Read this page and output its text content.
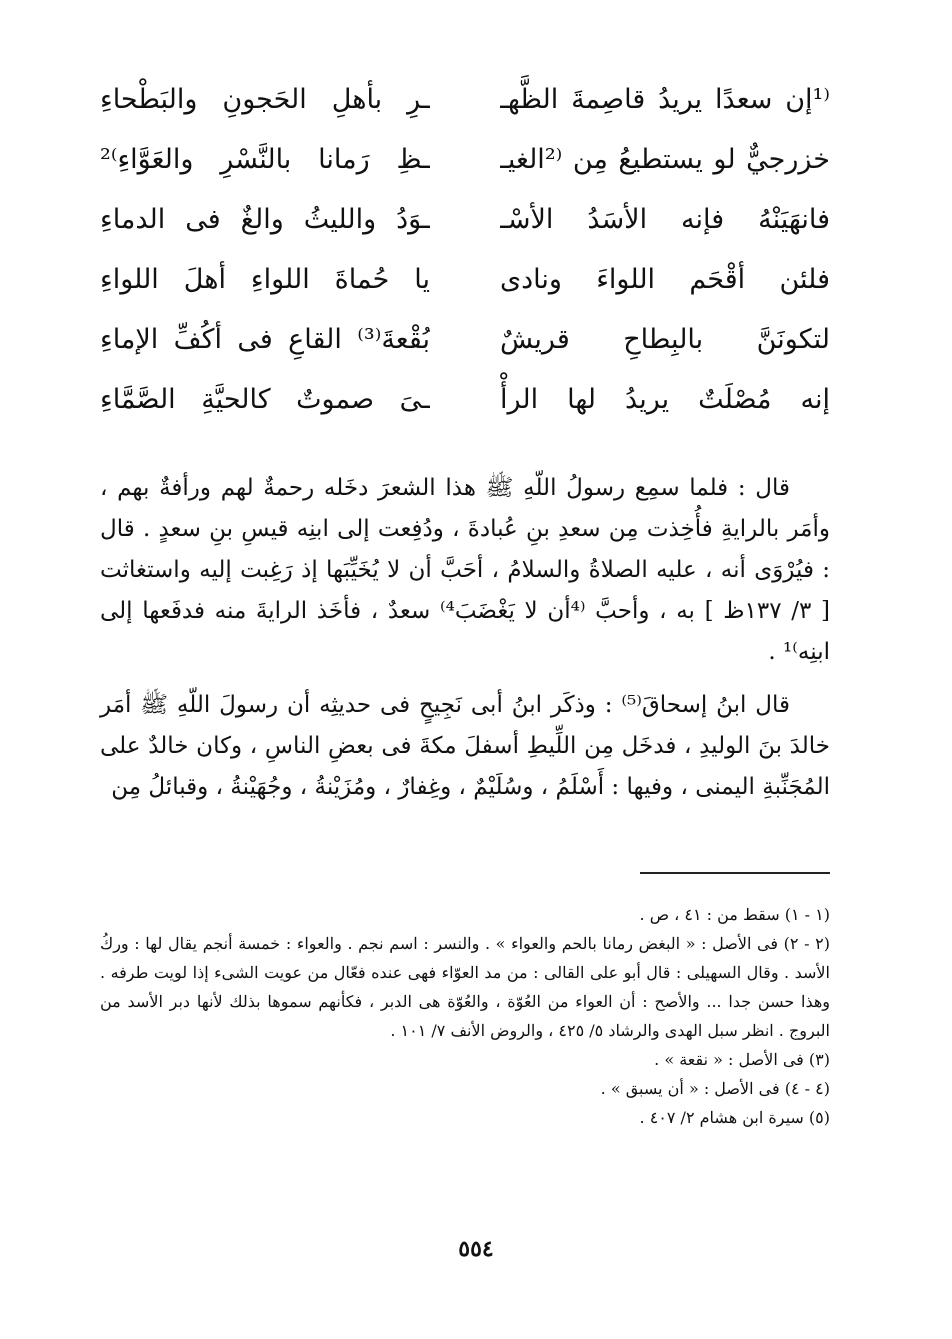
⁽¹إن سعدًا يريدُ قاصِمةَ الظَّهـ
ـرِ بأهلِ الحَجونِ والبَطْحاءِ
خزرجيٌّ لو يستطيعُ مِن ⁽²الغيـ
ـظِ رَمانا بالنَّسْرِ والعَوَّاءِ⁾²
فانهَيَنْهُ فإنه الأسَدُ الأسْـ
ـوَدُ والليثُ والغٌ فى الدماءِ
فلئن أقْحَم اللواءَ ونادى
يا حُماةَ اللواءِ أهلَ اللواءِ
لتكونَنَّ بالبِطاحِ قريشٌ
بُقْعةَ⁽³⁾ القاعِ فى أكُفِّ الإماءِ
إنه مُصْلَتٌ يريدُ لها الرأْ
ـىَ صموتٌ كالحيَّةِ الصَّمَّاءِ

قال : فلما سمِع رسولُ اللّهِ ﷺ هذا الشعرَ دخَله رحمةٌ لهم ورأفةٌ بهم ، وأمَر بالرايةِ فأُخِذت مِن سعدِ بنِ عُبادةَ ، ودُفِعت إلى ابنِه قيسِ بنِ سعدٍ . قال : فيُرْوَى أنه ، عليه الصلاةُ والسلامُ ، أحَبَّ أن لا يُخَيِّبَها إذ رَغِبت إليه واستغاثت [ ٣/ ١٣٧ظ ] به ، وأحبَّ ⁽⁴أن لا يَغْضَبَ⁴⁾ سعدٌ ، فأخَذ الرايةَ منه فدفَعها إلى ابنِه⁾¹ .

قال ابنُ إسحاقَ⁽⁵⁾ : وذكَر ابنُ أبى نَجِيحٍ فى حديثِه أن رسولَ اللّهِ ﷺ أمَر خالدَ بنَ الوليدِ ، فدخَل مِن اللِّيطِ أسفلَ مكةَ فى بعضِ الناسِ ، وكان خالدٌ على المُجَنِّبةِ اليمنى ، وفيها : أَسْلَمُ ، وسُلَيْمٌ ، وغِفارٌ ، ومُزَيْنةُ ، وجُهَيْنةُ ، وقبائلُ مِن

(١ - ١) سقط من : ٤١ ، ص .

(٢ - ٢) فى الأصل : « البغض رمانا بالحم والعواء » . والنسر : اسم نجم . والعواء : خمسة أنجم يقال لها : وركُ الأسد . وقال السهيلى : قال أبو على القالى : من مد العوّاء فهى عنده فعّال من عويت الشىء إذا لويت طرفه . وهذا حسن جدا ... والأصح : أن العواء من العُوّة ، والعُوّة هى الدبر ، فكأنهم سموها بذلك لأنها دبر الأسد من البروج . انظر سبل الهدى والرشاد ٥/ ٤٢٥ ، والروض الأنف ٧/ ١٠١ .

(٣) فى الأصل : « نقعة » .

(٤ - ٤) فى الأصل : « أن يسبق » .

(٥) سيرة ابن هشام ٢/ ٤٠٧ .

٥٥٤
